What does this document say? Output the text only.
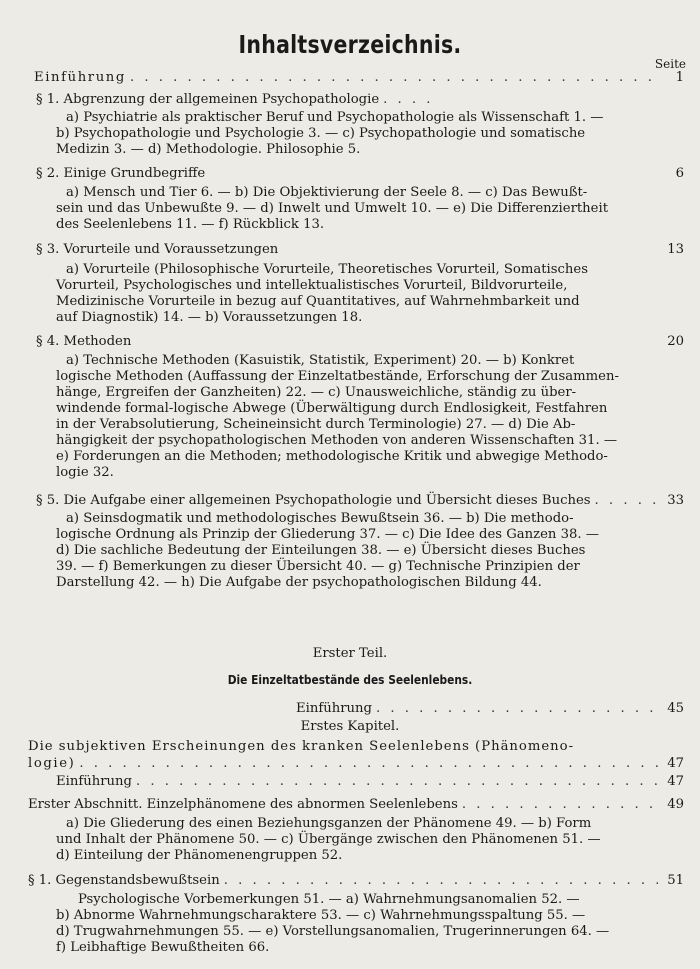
Inhaltsverzeichnis.
Seite
Einführung . . .	1
§ 1. Abgrenzung der allgemeinen Psychopathologie
. . .
a) Psychiatrie als praktischer Beruf und Psychopathologie als Wissenschaft 1. —
b) Psychopathologie und Psychologie 3. — c) Psychopathologie und somatische
Medizin 3. — d) Methodologie. Philosophie 5.
§ 2. Einige Grundbegriffe	6
a) Mensch und Tier 6. — b) Die Objektivierung der Seele 8. — c) Das Bewußt-
sein und das Unbewußte 9. — d) Inwelt und Umwelt 10. — e) Die Differenziertheit
des Seelenlebens 11. — f) Rückblick 13.
§ 3. Vorurteile und Voraussetzungen	13
a) Vorurteile (Philosophische Vorurteile, Theoretisches Vorurteil, Somatisches
Vorurteil, Psychologisches und intellektualistisches Vorurteil, Bildvorurteile,
Medizinische Vorurteile in bezug auf Quantitatives, auf Wahrnehmbarkeit und
auf Diagnostik) 14. — b) Voraussetzungen 18.
§ 4. Methoden	20
a) Technische Methoden (Kasuistik, Statistik, Experiment) 20. — b) Konkret
logische Methoden (Auffassung der Einzeltatbestände, Erforschung der Zusammen-
hänge, Ergreifen der Ganzheiten) 22. — c) Unausweichliche, ständig zu über-
windende formal-logische Abwege (Überwältigung durch Endlosigkeit, Festfahren
in der Verabsolutierung, Scheineinsicht durch Terminologie) 27. — d) Die Ab-
hängigkeit der psychopathologischen Methoden von anderen Wissenschaften 31. —
e) Forderungen an die Methoden; methodologische Kritik und abwegige Methodo-
logie 32.
§ 5. Die Aufgabe einer allgemeinen Psychopathologie und Übersicht dieses Buches . . .	33
a) Seinsdogmatik und methodologisches Bewußtsein 36. — b) Die methodo-
logische Ordnung als Prinzip der Gliederung 37. — c) Die Idee des Ganzen 38. —
d) Die sachliche Bedeutung der Einteilungen 38. — e) Übersicht dieses Buches
39. — f) Bemerkungen zu dieser Übersicht 40. — g) Technische Prinzipien der
Darstellung 42. — h) Die Aufgabe der psychopathologischen Bildung 44.
Erster Teil.
Die Einzeltatbestände des Seelenlebens.
Einführung . . .	45
Erstes Kapitel.
Die subjektiven Erscheinungen des kranken Seelenlebens (Phänomeno-
logie) . . .	47
Einführung . . .	47
Erster Abschnitt. Einzelphänomene des abnormen Seelenlebens . . .	49
a) Die Gliederung des einen Beziehungsganzen der Phänomene 49. — b) Form
und Inhalt der Phänomene 50. — c) Übergänge zwischen den Phänomenen 51. —
d) Einteilung der Phänomenengruppen 52.
§ 1. Gegenstandsbewußtsein . . .	51
Psychologische Vorbemerkungen 51. — a) Wahrnehmungsanomalien 52. —
b) Abnorme Wahrnehmungscharaktere 53. — c) Wahrnehmungsspaltung 55. —
d) Trugwahrnehmungen 55. — e) Vorstellungsanomalien, Trugerinnerungen 64. —
f) Leibhaftige Bewußtheiten 66.
